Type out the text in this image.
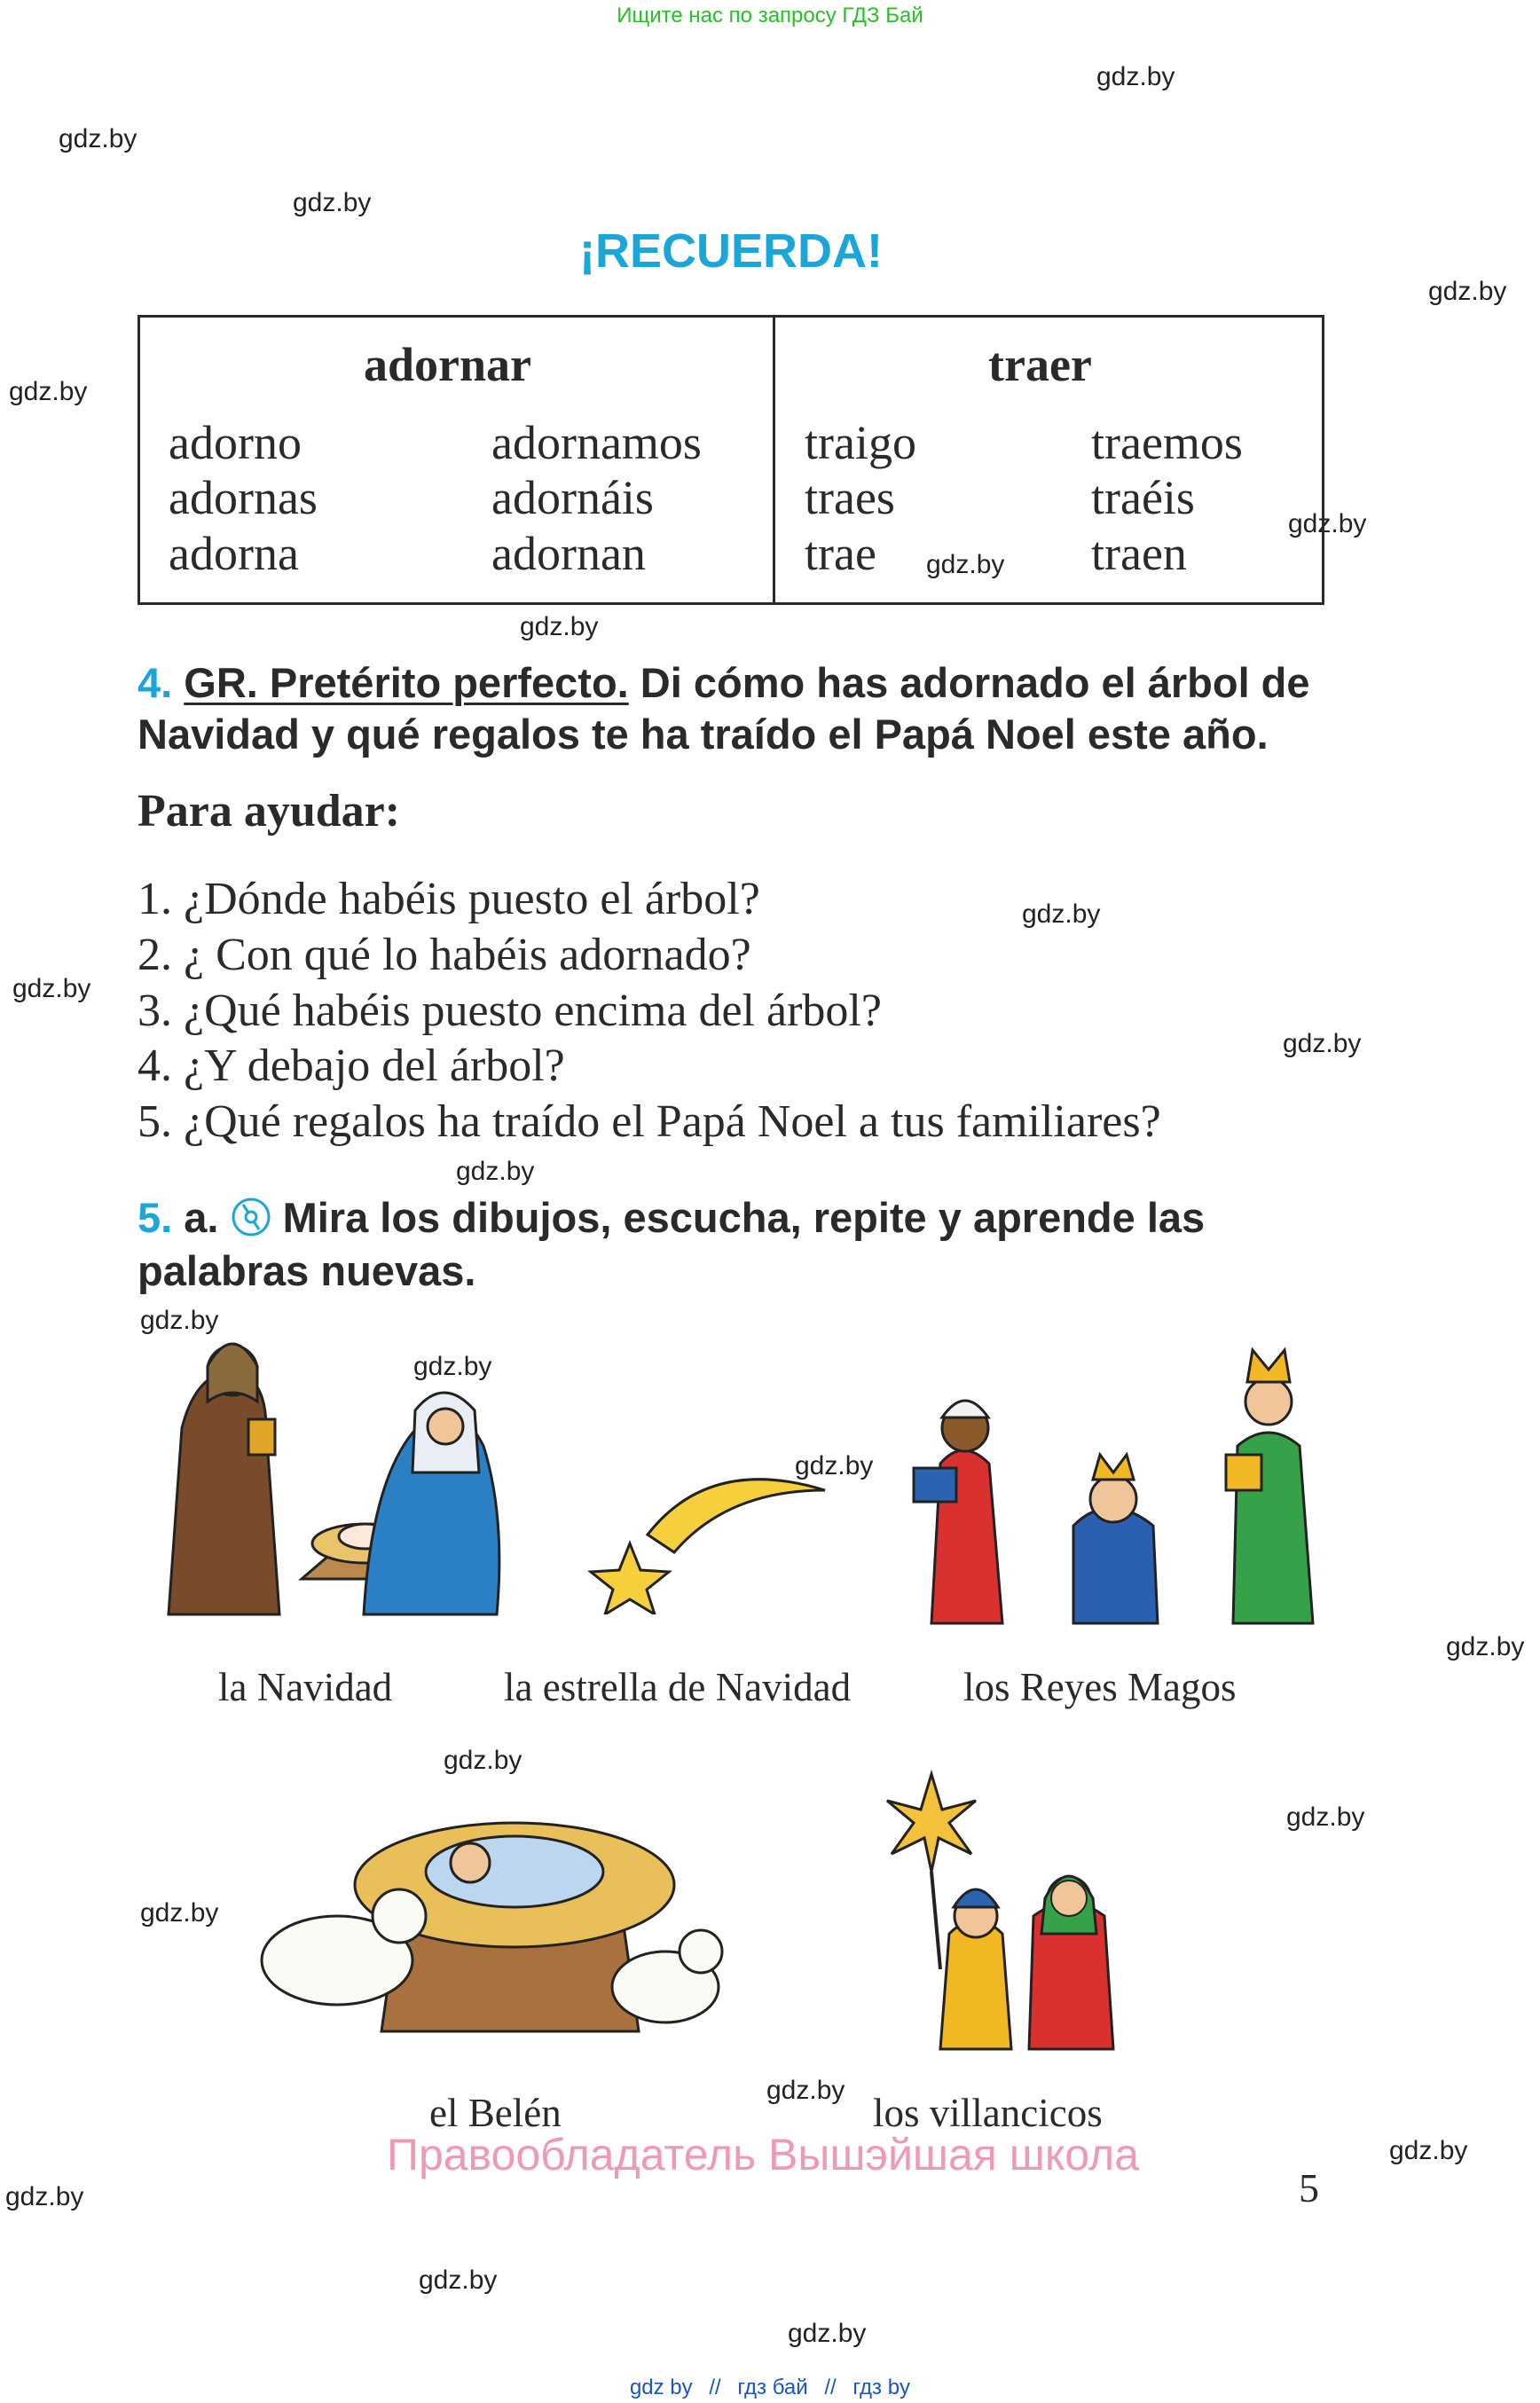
Ищите нас по запросу ГДЗ Бай
gdz.by
gdz.by
gdz.by
gdz.by
gdz.by
gdz.by
gdz.by
gdz.by
gdz.by
gdz.by
gdz.by
gdz.by
gdz.by
gdz.by
gdz.by
gdz.by
gdz.by
gdz.by
gdz.by
gdz.by
gdz.by
gdz.by
gdz.by
gdz.by
¡RECUERDA!
adornar	traer
adorno	adornamos
adornas	adornáis
adorna	adornan
traigo	traemos
traes	traéis
trae	traen
4. GR. Pretérito perfecto. Di cómo has adornado el árbol de
Navidad y qué regalos te ha traído el Papá Noel este año.
Para ayudar:
1. ¿Dónde habéis puesto el árbol?
2. ¿ Con qué lo habéis adornado?
3. ¿Qué habéis puesto encima del árbol?
4. ¿Y debajo del árbol?
5. ¿Qué regalos ha traído el Papá Noel a tus familiares?
5. a. Mira los dibujos, escucha, repite y aprende las
palabras nuevas.
la Navidad	la estrella de Navidad	los Reyes Magos
el Belén	los villancicos
Правообладатель Вышэйшая школа
5
gdz by // гдз бай // гдз by
